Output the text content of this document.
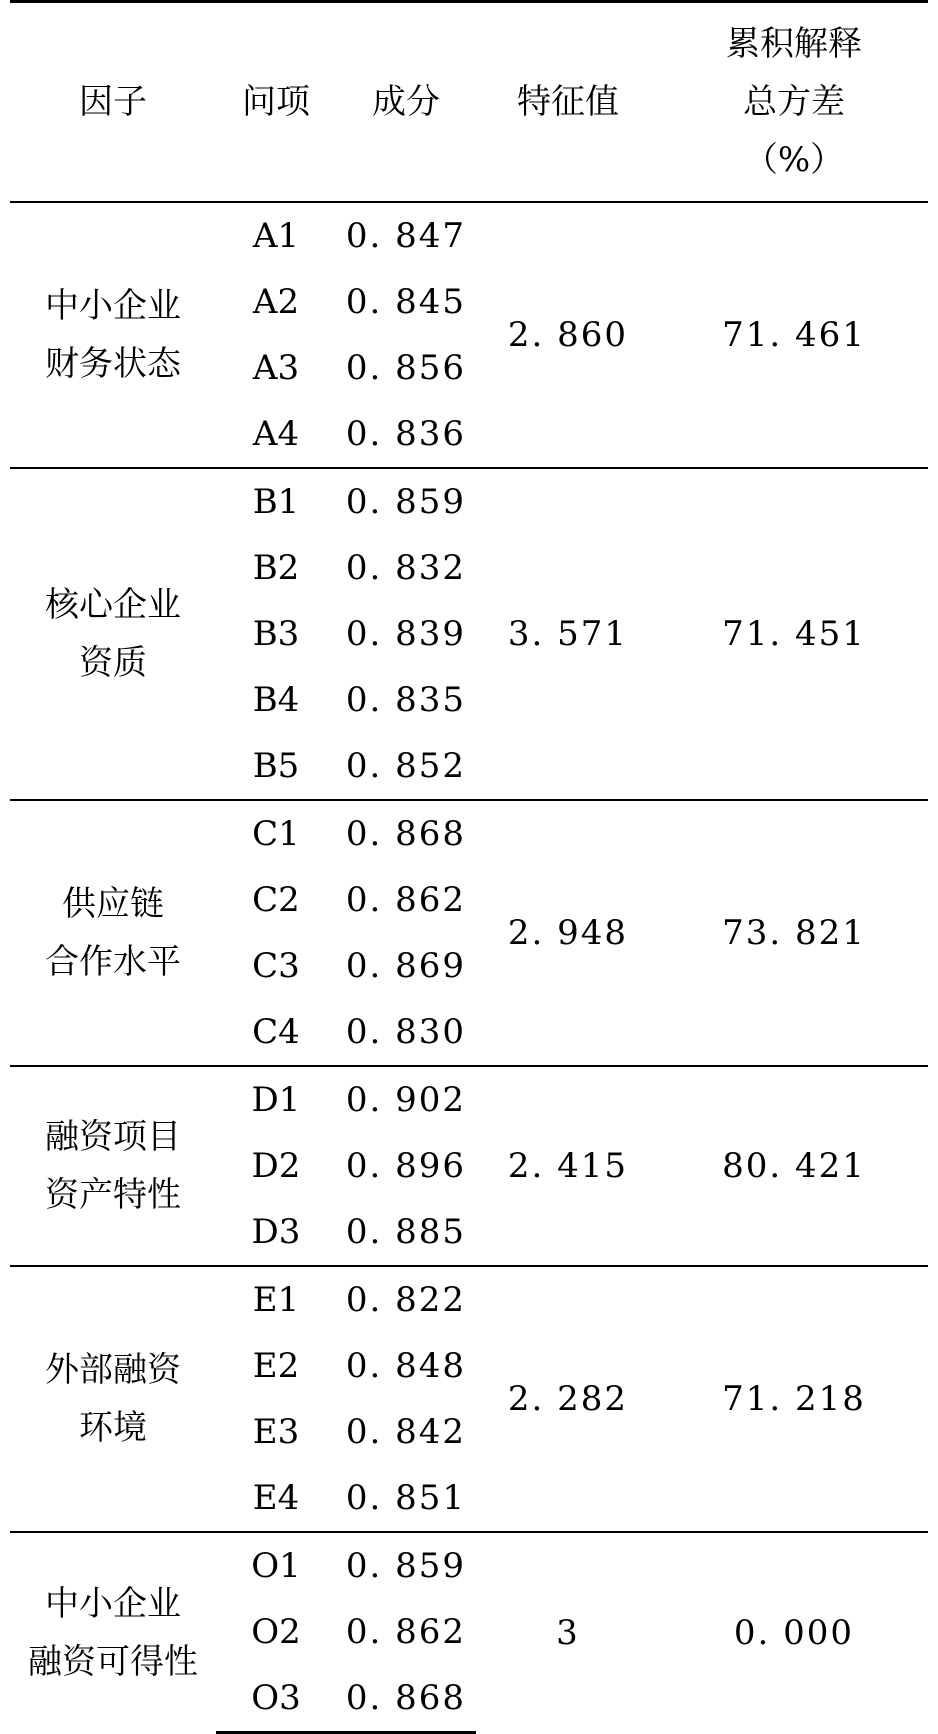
因子	问项	成分	特征值	累积解释
总方差
（%）

中小企业
财务状态	A1	0. 847	2. 860	71. 461
	A2	0. 845		
	A3	0. 856		
	A4	0. 836		

核心企业
资质	B1	0. 859	3. 571	71. 451
	B2	0. 832		
	B3	0. 839		
	B4	0. 835		
	B5	0. 852		

供应链
合作水平	C1	0. 868	2. 948	73. 821
	C2	0. 862		
	C3	0. 869		
	C4	0. 830		

融资项目
资产特性	D1	0. 902	2. 415	80. 421
	D2	0. 896		
	D3	0. 885		

外部融资
环境	E1	0. 822	2. 282	71. 218
	E2	0. 848		
	E3	0. 842		
	E4	0. 851		

中小企业
融资可得性	O1	0. 859	3	0. 000
	O2	0. 862		
	O3	0. 868		
